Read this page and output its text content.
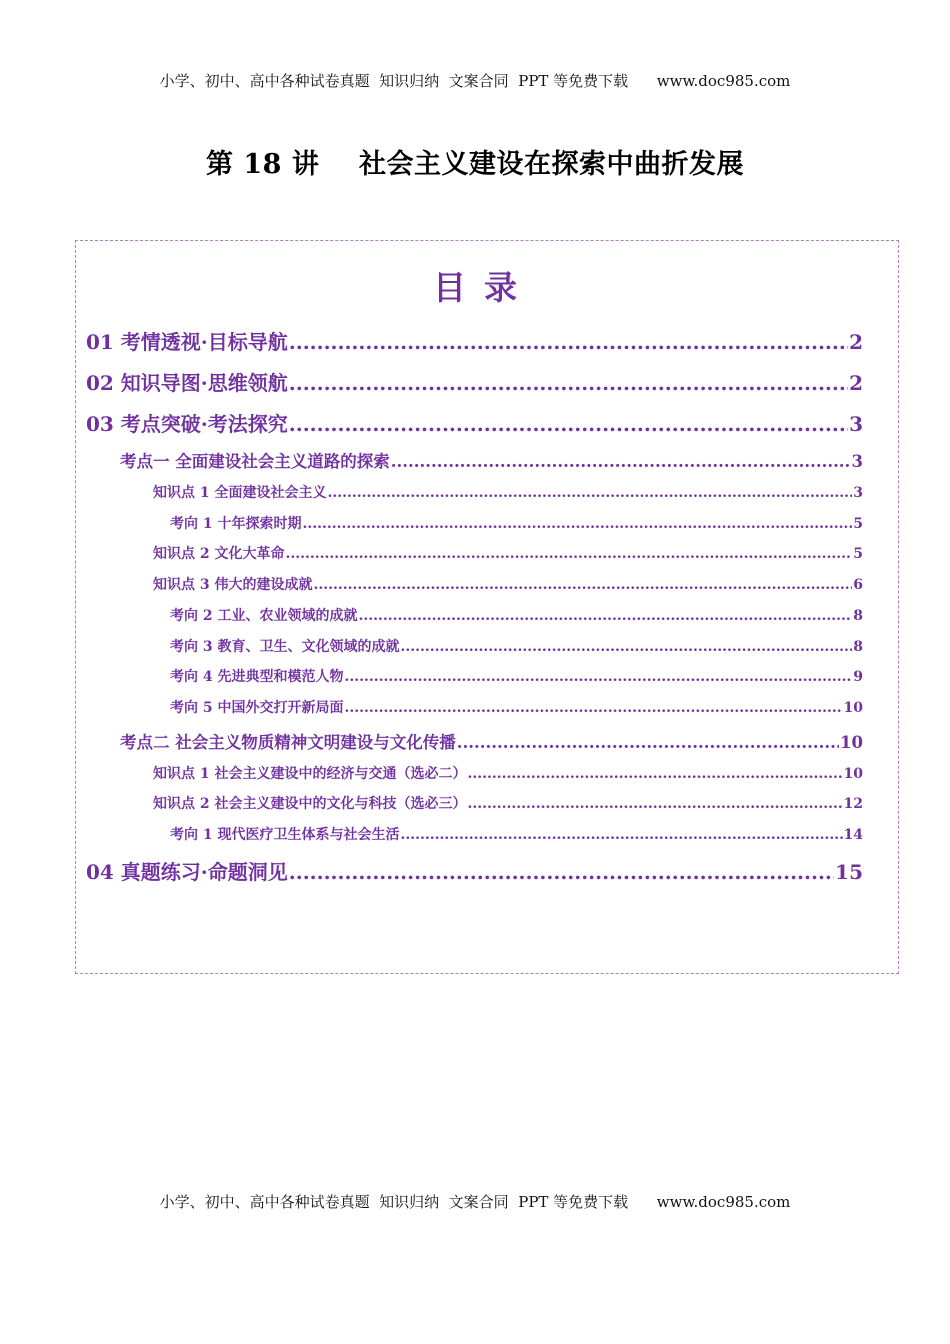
小学、初中、高中各种试卷真题  知识归纳  文案合同  PPT 等免费下载      www.doc985.com
第 18 讲    社会主义建设在探索中曲折发展
目录
01 考情透视·目标导航 .....	2
02 知识导图·思维领航 .....	2
03 考点突破·考法探究 .....	3
考点一 全面建设社会主义道路的探索 .....	3
知识点 1 全面建设社会主义 .....	3
考向 1 十年探索时期 .....	5
知识点 2 文化大革命 .....	5
知识点 3 伟大的建设成就 .....	6
考向 2 工业、农业领域的成就 .....	8
考向 3 教育、卫生、文化领域的成就 .....	8
考向 4 先进典型和模范人物 .....	9
考向 5 中国外交打开新局面 .....	10
考点二 社会主义物质精神文明建设与文化传播 .....	10
知识点 1 社会主义建设中的经济与交通（选必二） .....	10
知识点 2 社会主义建设中的文化与科技（选必三） .....	12
考向 1 现代医疗卫生体系与社会生活 .....	14
04 真题练习·命题洞见 .....	15
小学、初中、高中各种试卷真题  知识归纳  文案合同  PPT 等免费下载      www.doc985.com
